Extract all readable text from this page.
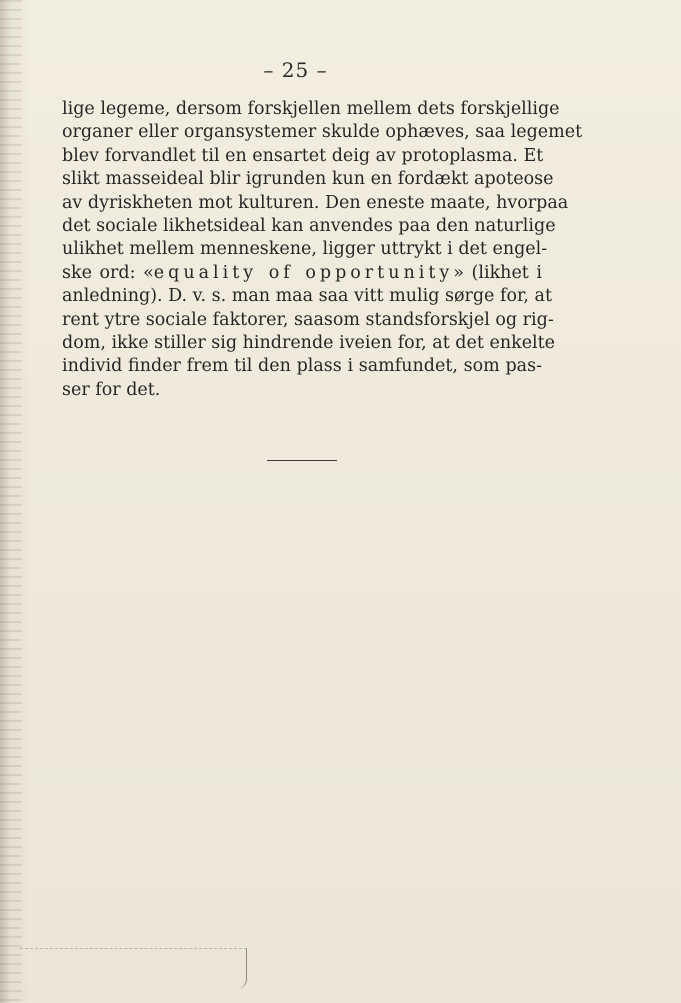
– 25 –
lige legeme, dersom forskjellen mellem dets forskjellige
organer eller organsystemer skulde ophæves, saa legemet
blev forvandlet til en ensartet deig av protoplasma. Et
slikt masseideal blir igrunden kun en fordækt apoteose
av dyriskheten mot kulturen. Den eneste maate, hvorpaa
det sociale likhetsideal kan anvendes paa den naturlige
ulikhet mellem menneskene, ligger uttrykt i det engel-
ske ord: «equality of opportunity» (likhet i
anledning). D. v. s. man maa saa vitt mulig sørge for, at
rent ytre sociale faktorer, saasom standsforskjel og rig-
dom, ikke stiller sig hindrende iveien for, at det enkelte
individ finder frem til den plass i samfundet, som pas-
ser for det.
